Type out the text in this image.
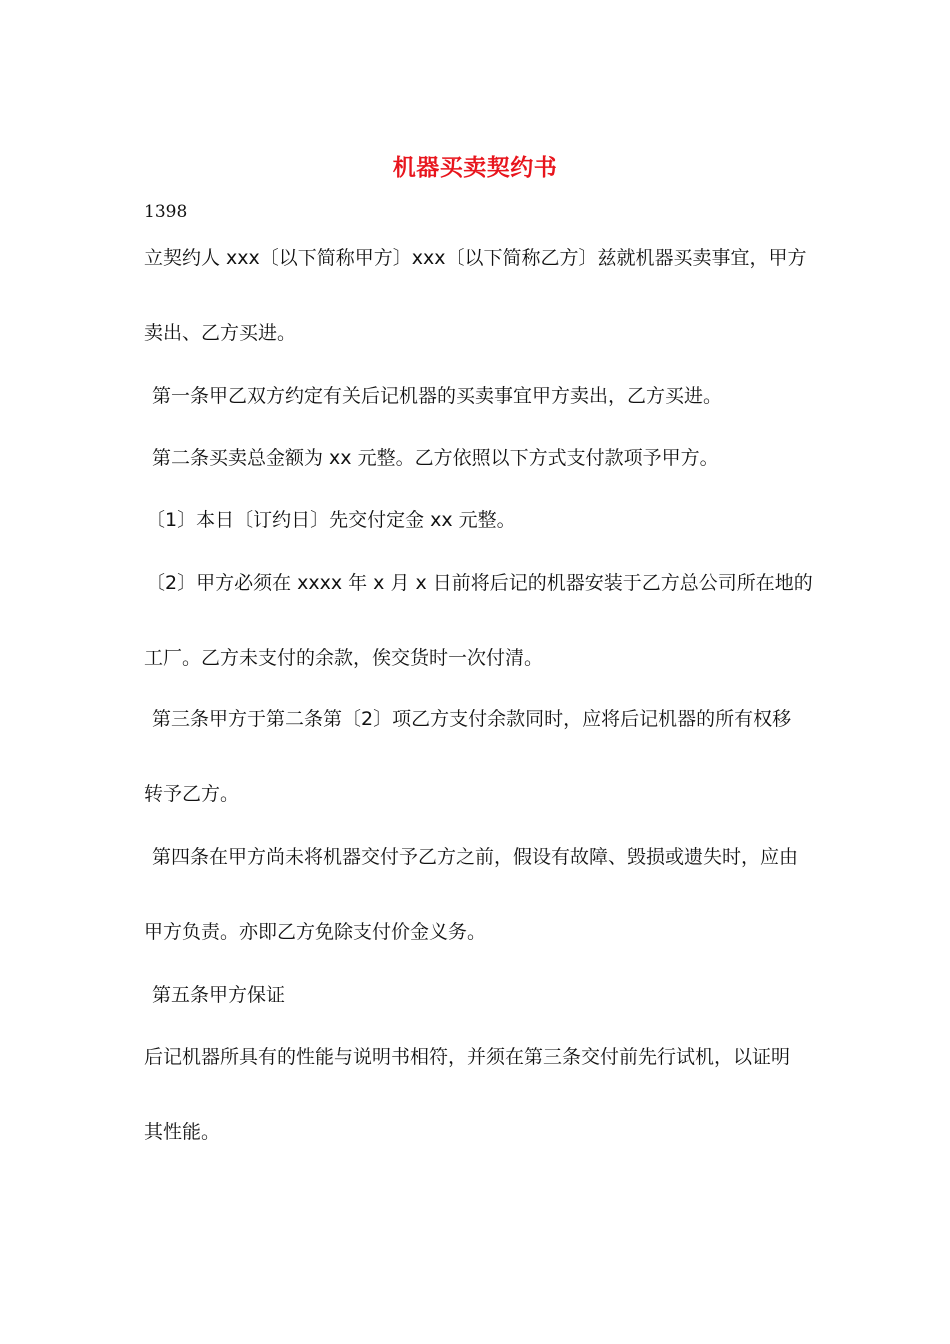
机器买卖契约书
1398
立契约人 xxx〔以下简称甲方〕xxx〔以下简称乙方〕兹就机器买卖事宜，甲方
卖出、乙方买进。
第一条甲乙双方约定有关后记机器的买卖事宜甲方卖出，乙方买进。
第二条买卖总金额为 xx 元整。乙方依照以下方式支付款项予甲方。
〔1〕本日〔订约日〕先交付定金 xx 元整。
〔2〕甲方必须在 xxxx 年 x 月 x 日前将后记的机器安装于乙方总公司所在地的
工厂。乙方未支付的余款，俟交货时一次付清。
第三条甲方于第二条第〔2〕项乙方支付余款同时，应将后记机器的所有权移
转予乙方。
第四条在甲方尚未将机器交付予乙方之前，假设有故障、毁损或遗失时，应由
甲方负责。亦即乙方免除支付价金义务。
第五条甲方保证
后记机器所具有的性能与说明书相符，并须在第三条交付前先行试机，以证明
其性能。
